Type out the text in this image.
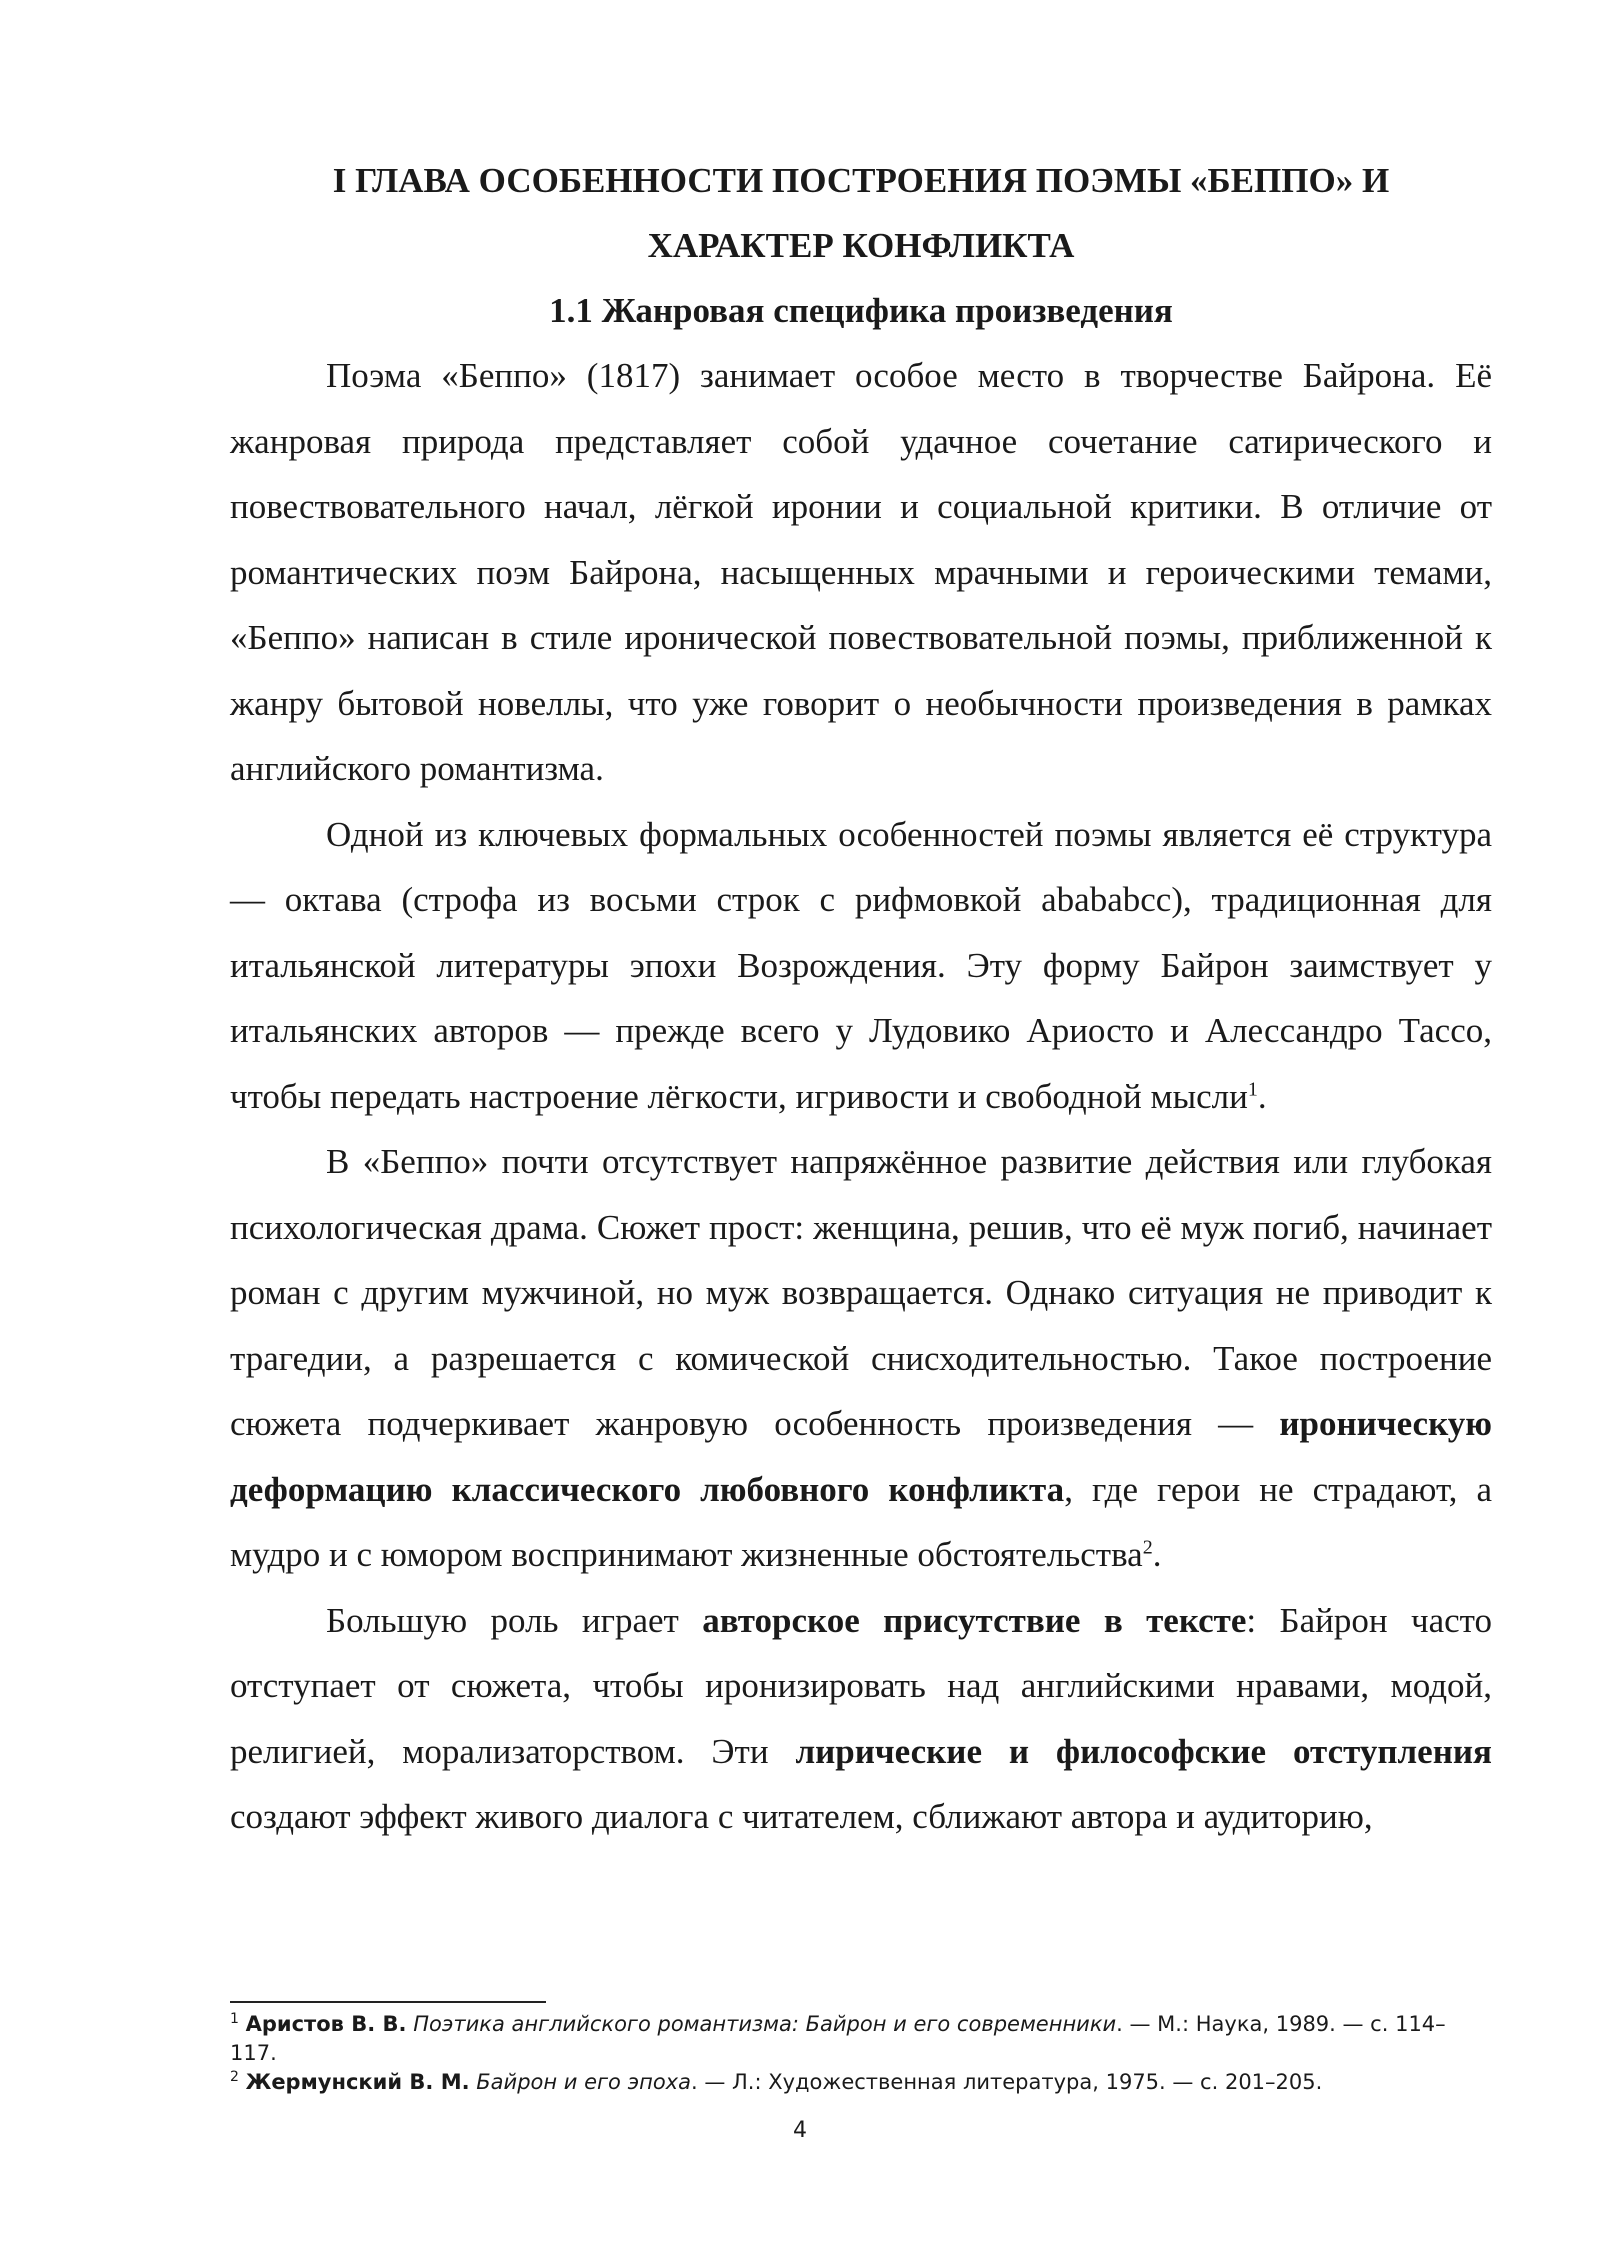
I ГЛАВА ОСОБЕННОСТИ ПОСТРОЕНИЯ ПОЭМЫ «БЕППО» И
ХАРАКТЕР КОНФЛИКТА
1.1 Жанровая специфика произведения

Поэма «Беппо» (1817) занимает особое место в творчестве Байрона. Её жанровая природа представляет собой удачное сочетание сатирического и повествовательного начал, лёгкой иронии и социальной критики. В отличие от романтических поэм Байрона, насыщенных мрачными и героическими темами, «Беппо» написан в стиле иронической повествовательной поэмы, приближенной к жанру бытовой новеллы, что уже говорит о необычности произведения в рамках английского романтизма.

Одной из ключевых формальных особенностей поэмы является её структура — октава (строфа из восьми строк с рифмовкой abababcc), традиционная для итальянской литературы эпохи Возрождения. Эту форму Байрон заимствует у итальянских авторов — прежде всего у Лудовико Ариосто и Алессандро Тассо, чтобы передать настроение лёгкости, игривости и свободной мысли$^1$.

В «Беппо» почти отсутствует напряжённое развитие действия или глубокая психологическая драма. Сюжет прост: женщина, решив, что её муж погиб, начинает роман с другим мужчиной, но муж возвращается. Однако ситуация не приводит к трагедии, а разрешается с комической снисходительностью. Такое построение сюжета подчеркивает жанровую особенность произведения — ироническую деформацию классического любовного конфликта, где герои не страдают, а мудро и с юмором воспринимают жизненные обстоятельства$^2$.

Большую роль играет авторское присутствие в тексте: Байрон часто отступает от сюжета, чтобы иронизировать над английскими нравами, модой, религией, морализаторством. Эти лирические и философские отступления создают эффект живого диалога с читателем, сближают автора и аудиторию,

$^1$ Аристов В. В. Поэтика английского романтизма: Байрон и его современники. — М.: Наука, 1989. — с. 114–117.

$^2$ Жермунский В. М. Байрон и его эпоха. — Л.: Художественная литература, 1975. — с. 201–205.

4
